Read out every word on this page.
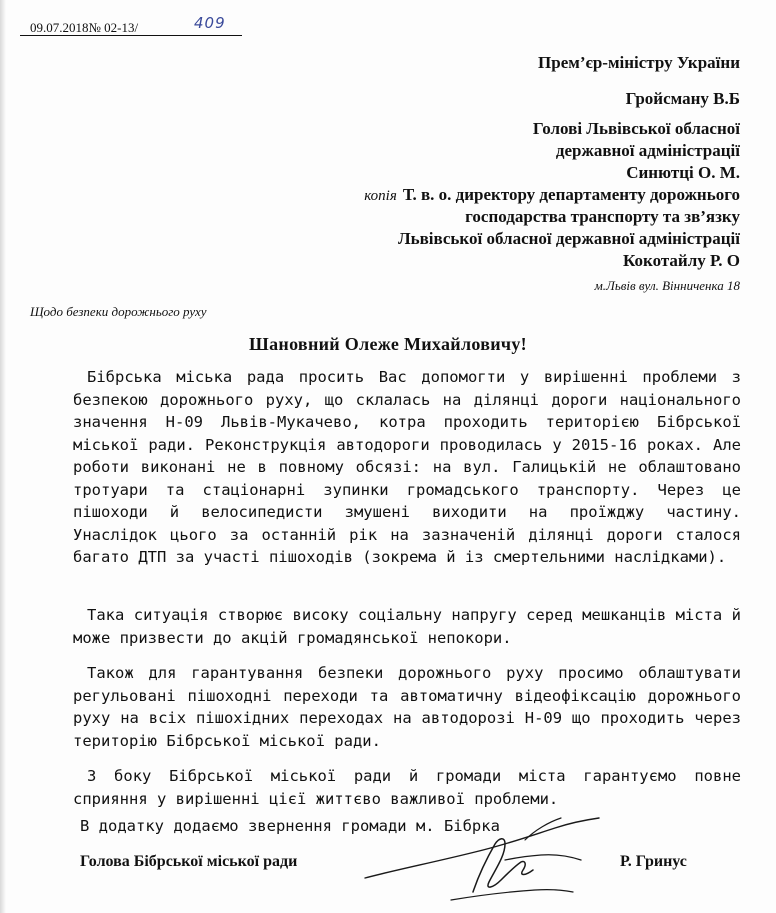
09.07.2018№ 02-13/	409
Прем’єр-міністру України
Гройсману В.Б
Голові Львівської обласної
державної адміністрації
Синютці О. М.
копія Т. в. о. директору департаменту дорожнього
господарства транспорту та зв’язку
Львівської обласної державної адміністрації
Кокотайлу Р. О
м.Львів вул. Вiнниченка 18
Щодо безпеки дорожнього руху
Шановний Олеже Михайловичу!
Бібрська міська рада просить Вас допомогти у вирішенні проблеми з безпекою дорожнього руху, що склалась на ділянці дороги національного значення Н-09 Львів-Мукачево, котра проходить територією Бібрської міської ради. Реконструкція автодороги проводилась у 2015-16 роках. Але роботи виконані не в повному обсязі: на вул. Галицькій не облаштовано тротуари та стаціонарні зупинки громадського транспорту. Через це пішоходи й велосипедисти змушені виходити на проїжджу частину. Унаслідок цього за останній рік на зазначеній ділянці дороги сталося багато ДТП за участі пішоходів (зокрема й із смертельними наслідками).
Така ситуація створює високу соціальну напругу серед мешканців міста й може призвести до акцій громадянської непокори.
Також для гарантування безпеки дорожнього руху просимо облаштувати регульовані пішоходні переходи та автоматичну відеофіксацію дорожнього руху на всіх пішохідних переходах на автодорозі Н-09 що проходить через територію Бібрської міської ради.
З боку Бібрської міської ради й громади міста гарантуємо повне сприяння у вирішенні цієї життєво важливої проблеми.
В додатку додаємо звернення громади м. Бібрка
Голова Бібрської міської ради	Р. Гринус
